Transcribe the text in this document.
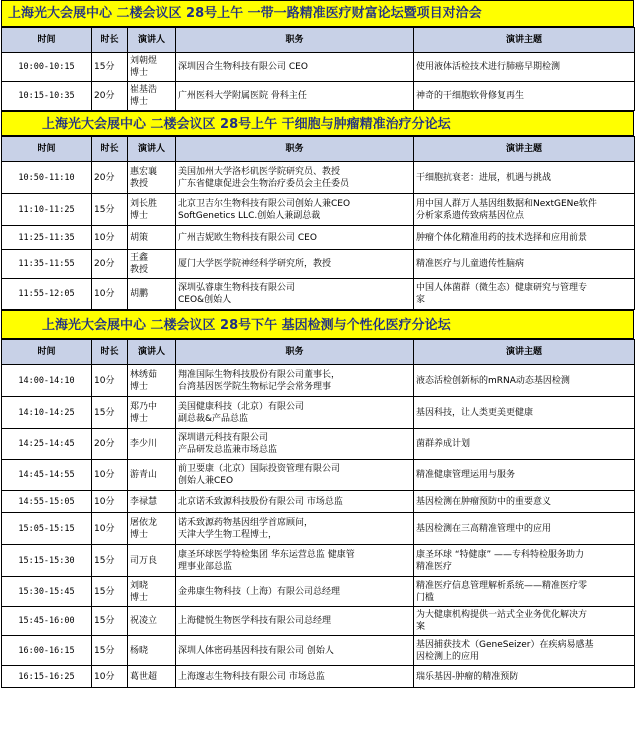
上海光大会展中心 二楼会议区 28号上午 一带一路精准医疗财富论坛暨项目对洽会
时间	时长	演讲人	职务	演讲主题
10:00-10:15	15分	刘朝煜
博士	深圳因合生物科技有限公司 CEO	使用液体活检技术进行肺癌早期检测

10:15-10:35	20分	崔基浩
博士	广州医科大学附属医院 骨科主任	神奇的干细胞软骨修复再生
上海光大会展中心 二楼会议区 28号上午 干细胞与肿瘤精准治疗分论坛
时间	时长	演讲人	职务	演讲主题
10:50-11:10	20分	惠宏襄
教授	美国加州大学洛杉矶医学院研究员、教授
广东省健康促进会生物治疗委员会主任委员	干细胞抗衰老：进展，机遇与挑战

11:10-11:25	15分	刘长胜
博士	北京卫吉尔生物科技有限公司创始人兼CEO
SoftGenetics LLC.创始人兼副总裁	用中国人群万人基因组数据和NextGENe软件
分析家系遗传致病基因位点

11:25-11:35	10分	胡策	广州吉妮欧生物科技有限公司 CEO	肿瘤个体化精准用药的技术选择和应用前景

11:35-11:55	20分	王鑫
教授	厦门大学医学院神经科学研究所，教授	精准医疗与儿童遗传性脑病

11:55-12:05	10分	胡鹏	深圳弘睿康生物科技有限公司
CEO&创始人	中国人体菌群（微生态）健康研究与管理专
家
上海光大会展中心 二楼会议区 28号下午 基因检测与个性化医疗分论坛
时间	时长	演讲人	职务	演讲主题
14:00-14:10	10分	林绣茹
博士	翔准国际生物科技股份有限公司董事长，
台湾基因医学院生物标记学会常务理事	液态活检创新标的mRNA动态基因检测

14:10-14:25	15分	郑乃中
博士	美国健康科技（北京）有限公司
副总裁&产品总监	基因科技，让人类更美更健康

14:25-14:45	20分	李少川	深圳谱元科技有限公司
产品研发总监兼市场总监	菌群养成计划

14:45-14:55	10分	游青山	前卫要康（北京）国际投资管理有限公司
创始人兼CEO	精准健康管理运用与服务

14:55-15:05	10分	李禄慧	北京诺禾致源科技股份有限公司 市场总监	基因检测在肿瘤预防中的重要意义

15:05-15:15	10分	屠依龙
博士	诺禾致源药物基因组学首席顾问，
天津大学生物工程博士，	基因检测在三高精准管理中的应用

15:15-15:30	15分	司万良	康圣环球医学特检集团 华东运营总监 健康管
理事业部总监	康圣环球 “特健康” ——专科特检服务助力
精准医疗

15:30-15:45	15分	刘晓
博士	金弗康生物科技（上海）有限公司总经理	精准医疗信息管理解析系统——精准医疗零
门槛

15:45-16:00	15分	祝凌立	上海健悦生物医学科技有限公司总经理	为大健康机构提供一站式全业务优化解决方
案

16:00-16:15	15分	杨晓	深圳人体密码基因科技有限公司 创始人	基因捕获技术（GeneSeizer）在疾病易感基
因检测上的应用

16:15-16:25	10分	葛世超	上海邃志生物科技有限公司 市场总监	瑞乐基因-肿瘤的精准预防
